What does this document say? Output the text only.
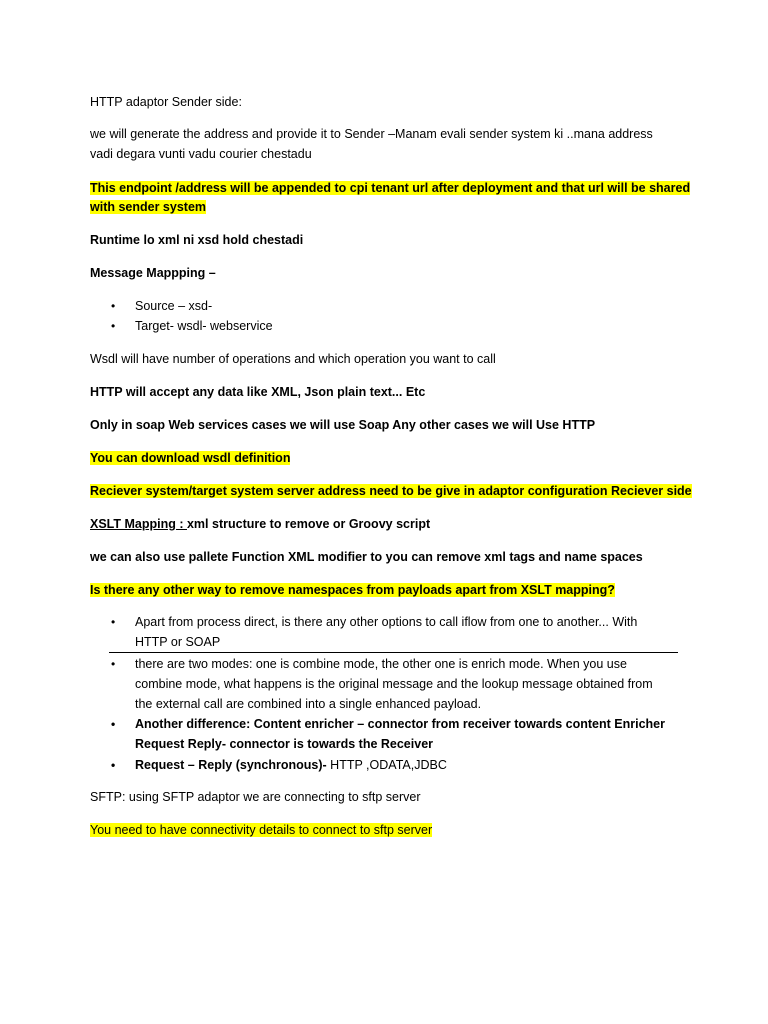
HTTP adaptor Sender side:

we will generate the address and provide it to Sender –Manam evali sender system ki ..mana address

vadi degara vunti vadu courier chestadu

This endpoint /address will be appended to cpi tenant url after deployment and that url will be shared

with sender system

Runtime lo xml ni xsd hold chestadi

Message Mappping –

• Source – xsd-

• Target- wsdl- webservice

Wsdl will have number of operations and which operation you want to call

HTTP will accept any data like XML, Json plain text... Etc

Only in soap Web services cases we will use Soap Any other cases we will Use HTTP

You can download wsdl definition

Reciever system/target system server address need to be give in adaptor configuration Reciever side

XSLT Mapping : xml structure to remove or Groovy script

we can also use pallete Function XML modifier to you can remove xml tags and name spaces

Is there any other way to remove namespaces from payloads apart from XSLT mapping?

• Apart from process direct, is there any other options to call iflow from one to another... With

HTTP or SOAP

• there are two modes: one is combine mode, the other one is enrich mode. When you use

combine mode, what happens is the original message and the lookup message obtained from

the external call are combined into a single enhanced payload.

• Another difference: Content enricher – connector from receiver towards content Enricher

Request Reply- connector is towards the Receiver

• Request – Reply (synchronous)- HTTP ,ODATA,JDBC

SFTP: using SFTP adaptor we are connecting to sftp server

You need to have connectivity details to connect to sftp server
